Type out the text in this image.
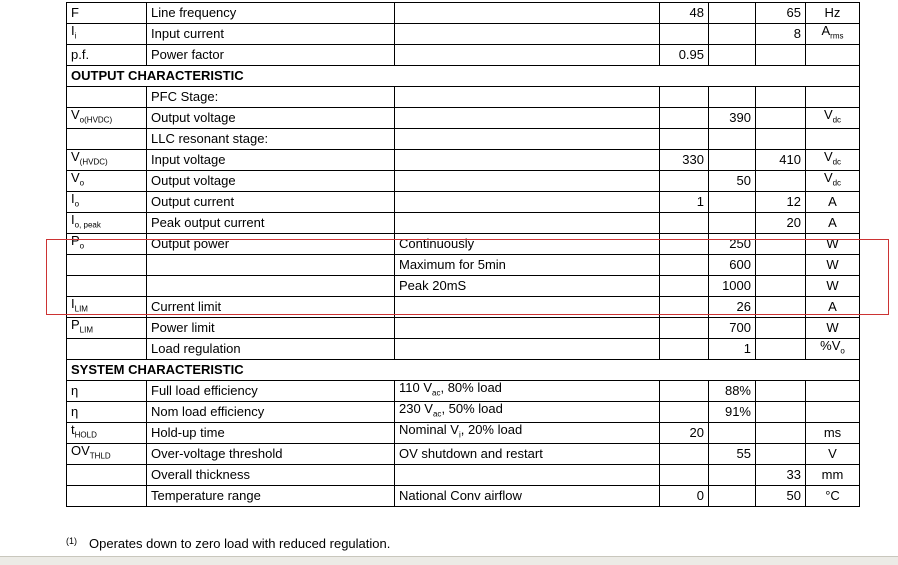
F	Line frequency		48		65	Hz
$I_i$	Input current				8	$A_{rms}$
p.f.	Power factor		0.95			
OUTPUT CHARACTERISTIC						
	PFC Stage:					
$V_{o(HVDC)}$	Output voltage			390		$V_{dc}$
	LLC resonant stage:					
$V_{(HVDC)}$	Input voltage		330		410	$V_{dc}$
$V_o$	Output voltage			50		$V_{dc}$
$I_o$	Output current		1		12	A
$I_{o, peak}$	Peak output current				20	A
$P_o$	Output power	Continuously		250		W
		Maximum for 5min		600		W
		Peak 20mS		1000		W
$I_{LIM}$	Current limit			26		A
$P_{LIM}$	Power limit			700		W
	Load regulation			1		$\%V_o$
SYSTEM CHARACTERISTIC						
η	Full load efficiency	110 $V_{ac}$, 80% load		88%		
η	Nom load efficiency	230 $V_{ac}$, 50% load		91%		
$t_{HOLD}$	Hold-up time	Nominal $V_i$, 20% load	20			ms
$OV_{THLD}$	Over-voltage threshold	OV shutdown and restart		55		V
	Overall thickness				33	mm
	Temperature range	National Conv airflow	0		50	°C
$^{(1)}$ Operates down to zero load with reduced regulation.
